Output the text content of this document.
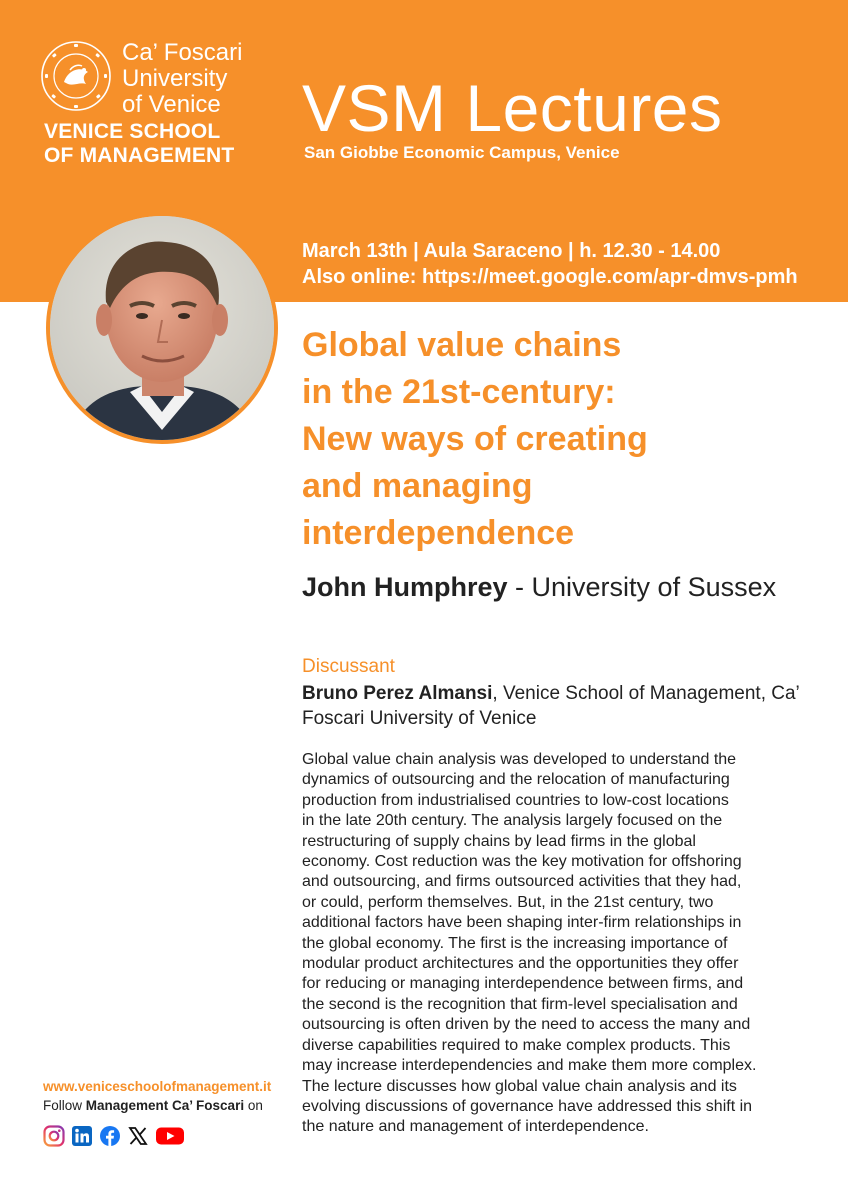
Ca’ Foscari
University
of Venice
VENICE SCHOOL
OF MANAGEMENT
VSM Lectures
San Giobbe Economic Campus, Venice
March 13th | Aula Saraceno | h. 12.30 - 14.00
Also online: https://meet.google.com/apr-dmvs-pmh
Global value chains
in the 21st-century:
New ways of creating
and managing
interdependence
John Humphrey - University of Sussex
Discussant
Bruno Perez Almansi, Venice School of Management, Ca’ Foscari University of Venice
Global value chain analysis was developed to understand the
dynamics of outsourcing and the relocation of manufacturing
production from industrialised countries to low-cost locations
in the late 20th century. The analysis largely focused on the
restructuring of supply chains by lead firms in the global
economy. Cost reduction was the key motivation for offshoring
and outsourcing, and firms outsourced activities that they had,
or could, perform themselves. But, in the 21st century, two
additional factors have been shaping inter-firm relationships in
the global economy. The first is the increasing importance of
modular product architectures and the opportunities they offer
for reducing or managing interdependence between firms, and
the second is the recognition that firm-level specialisation and
outsourcing is often driven by the need to access the many and
diverse capabilities required to make complex products. This
may increase interdependencies and make them more complex.
The lecture discusses how global value chain analysis and its
evolving discussions of governance have addressed this shift in
the nature and management of interdependence.
www.veniceschoolofmanagement.it
Follow Management Ca’ Foscari on
